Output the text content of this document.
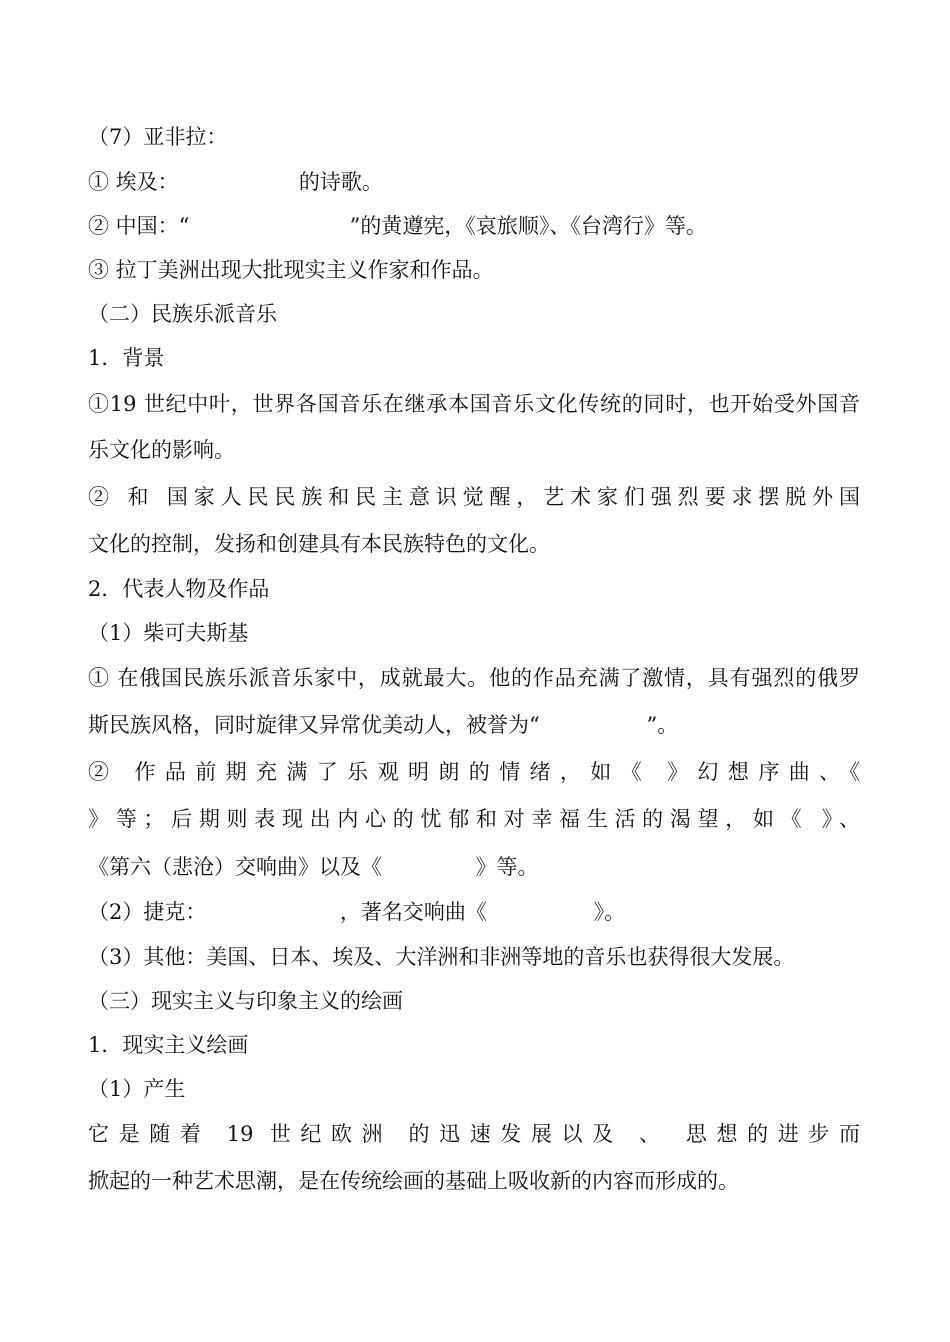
（7）亚非拉：
① 埃及：                  的诗歌。
② 中国：“                        ”的黄遵宪，《哀旅顺》、《台湾行》等。
③ 拉丁美洲出现大批现实主义作家和作品。
（二）民族乐派音乐
1．背景
①19 世纪中叶，世界各国音乐在继承本国音乐文化传统的同时，也开始受外国音
乐文化的影响。
② 和 国家人民民族和民主意识觉醒，艺术家们强烈要求摆脱外国
文化的控制，发扬和创建具有本民族特色的文化。
2．代表人物及作品
（1）柴可夫斯基
① 在俄国民族乐派音乐家中，成就最大。他的作品充满了激情，具有强烈的俄罗
斯民族风格，同时旋律又异常优美动人，被誉为“                ”。
② 作品前期充满了乐观明朗的情绪，如《 》幻想序曲、《
》等；后期则表现出内心的忧郁和对幸福生活的渴望，如《 》、
《第六（悲沧）交响曲》以及《              》等。
（2）捷克：                    ，著名交响曲《                》。
（3）其他：美国、日本、埃及、大洋洲和非洲等地的音乐也获得很大发展。
（三）现实主义与印象主义的绘画
1．现实主义绘画
（1）产生
它是随着 19 世纪欧洲 的迅速发展以及 、 思想的进步而
掀起的一种艺术思潮，是在传统绘画的基础上吸收新的内容而形成的。
